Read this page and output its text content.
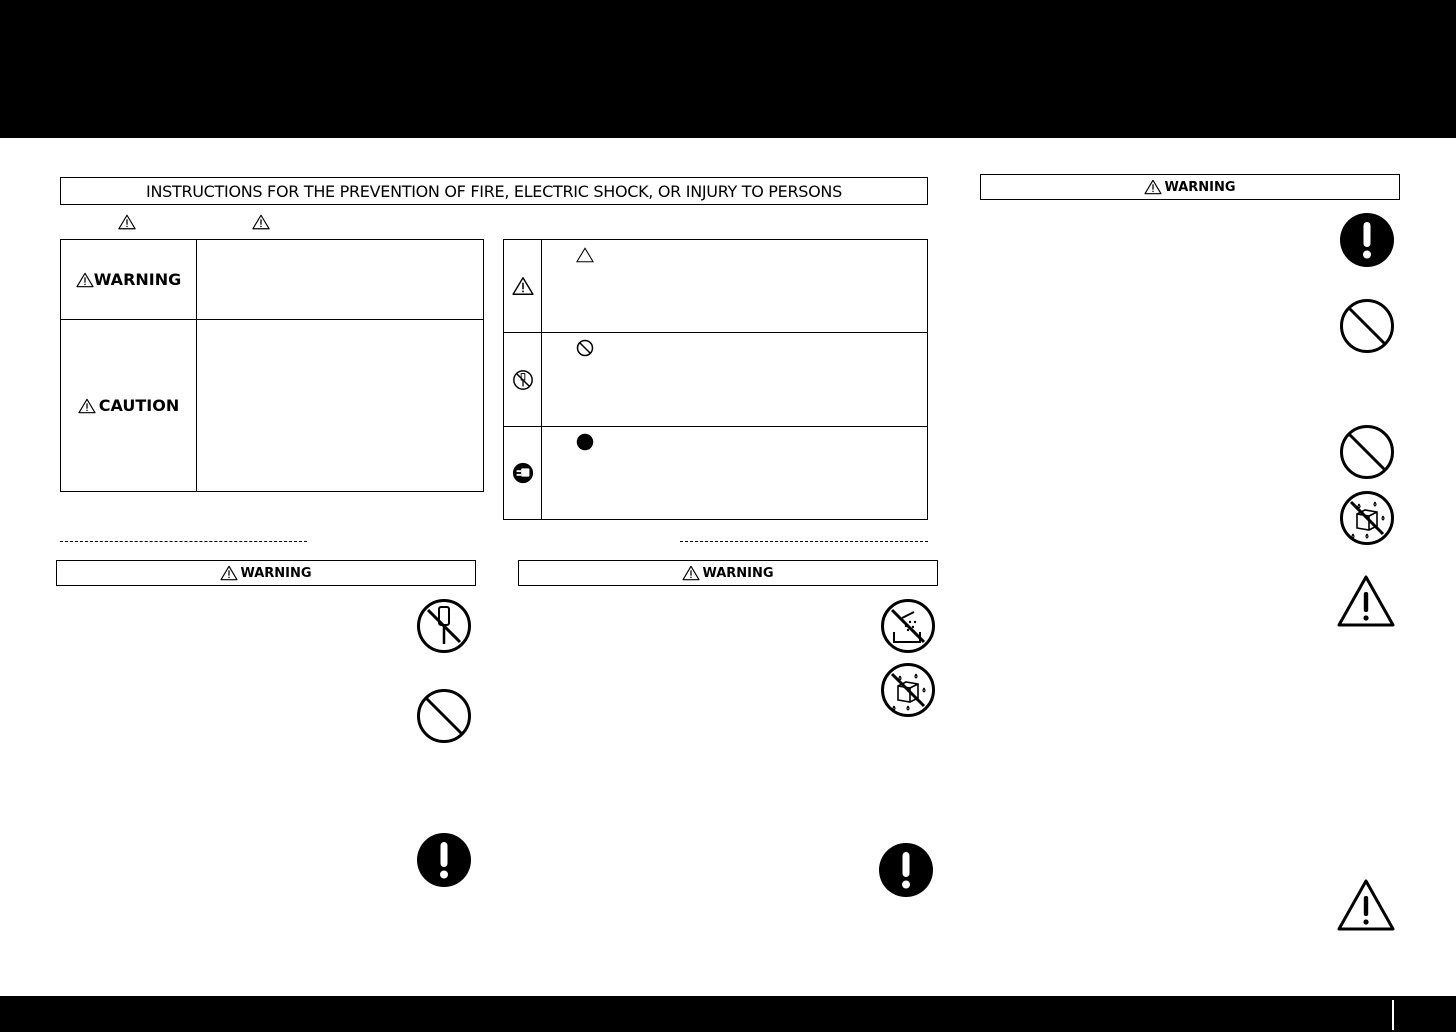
INSTRUCTIONS FOR THE PREVENTION OF FIRE, ELECTRIC SHOCK, OR INJURY TO PERSONS
WARNING	

CAUTION	

WARNING	WARNING
WARNING
